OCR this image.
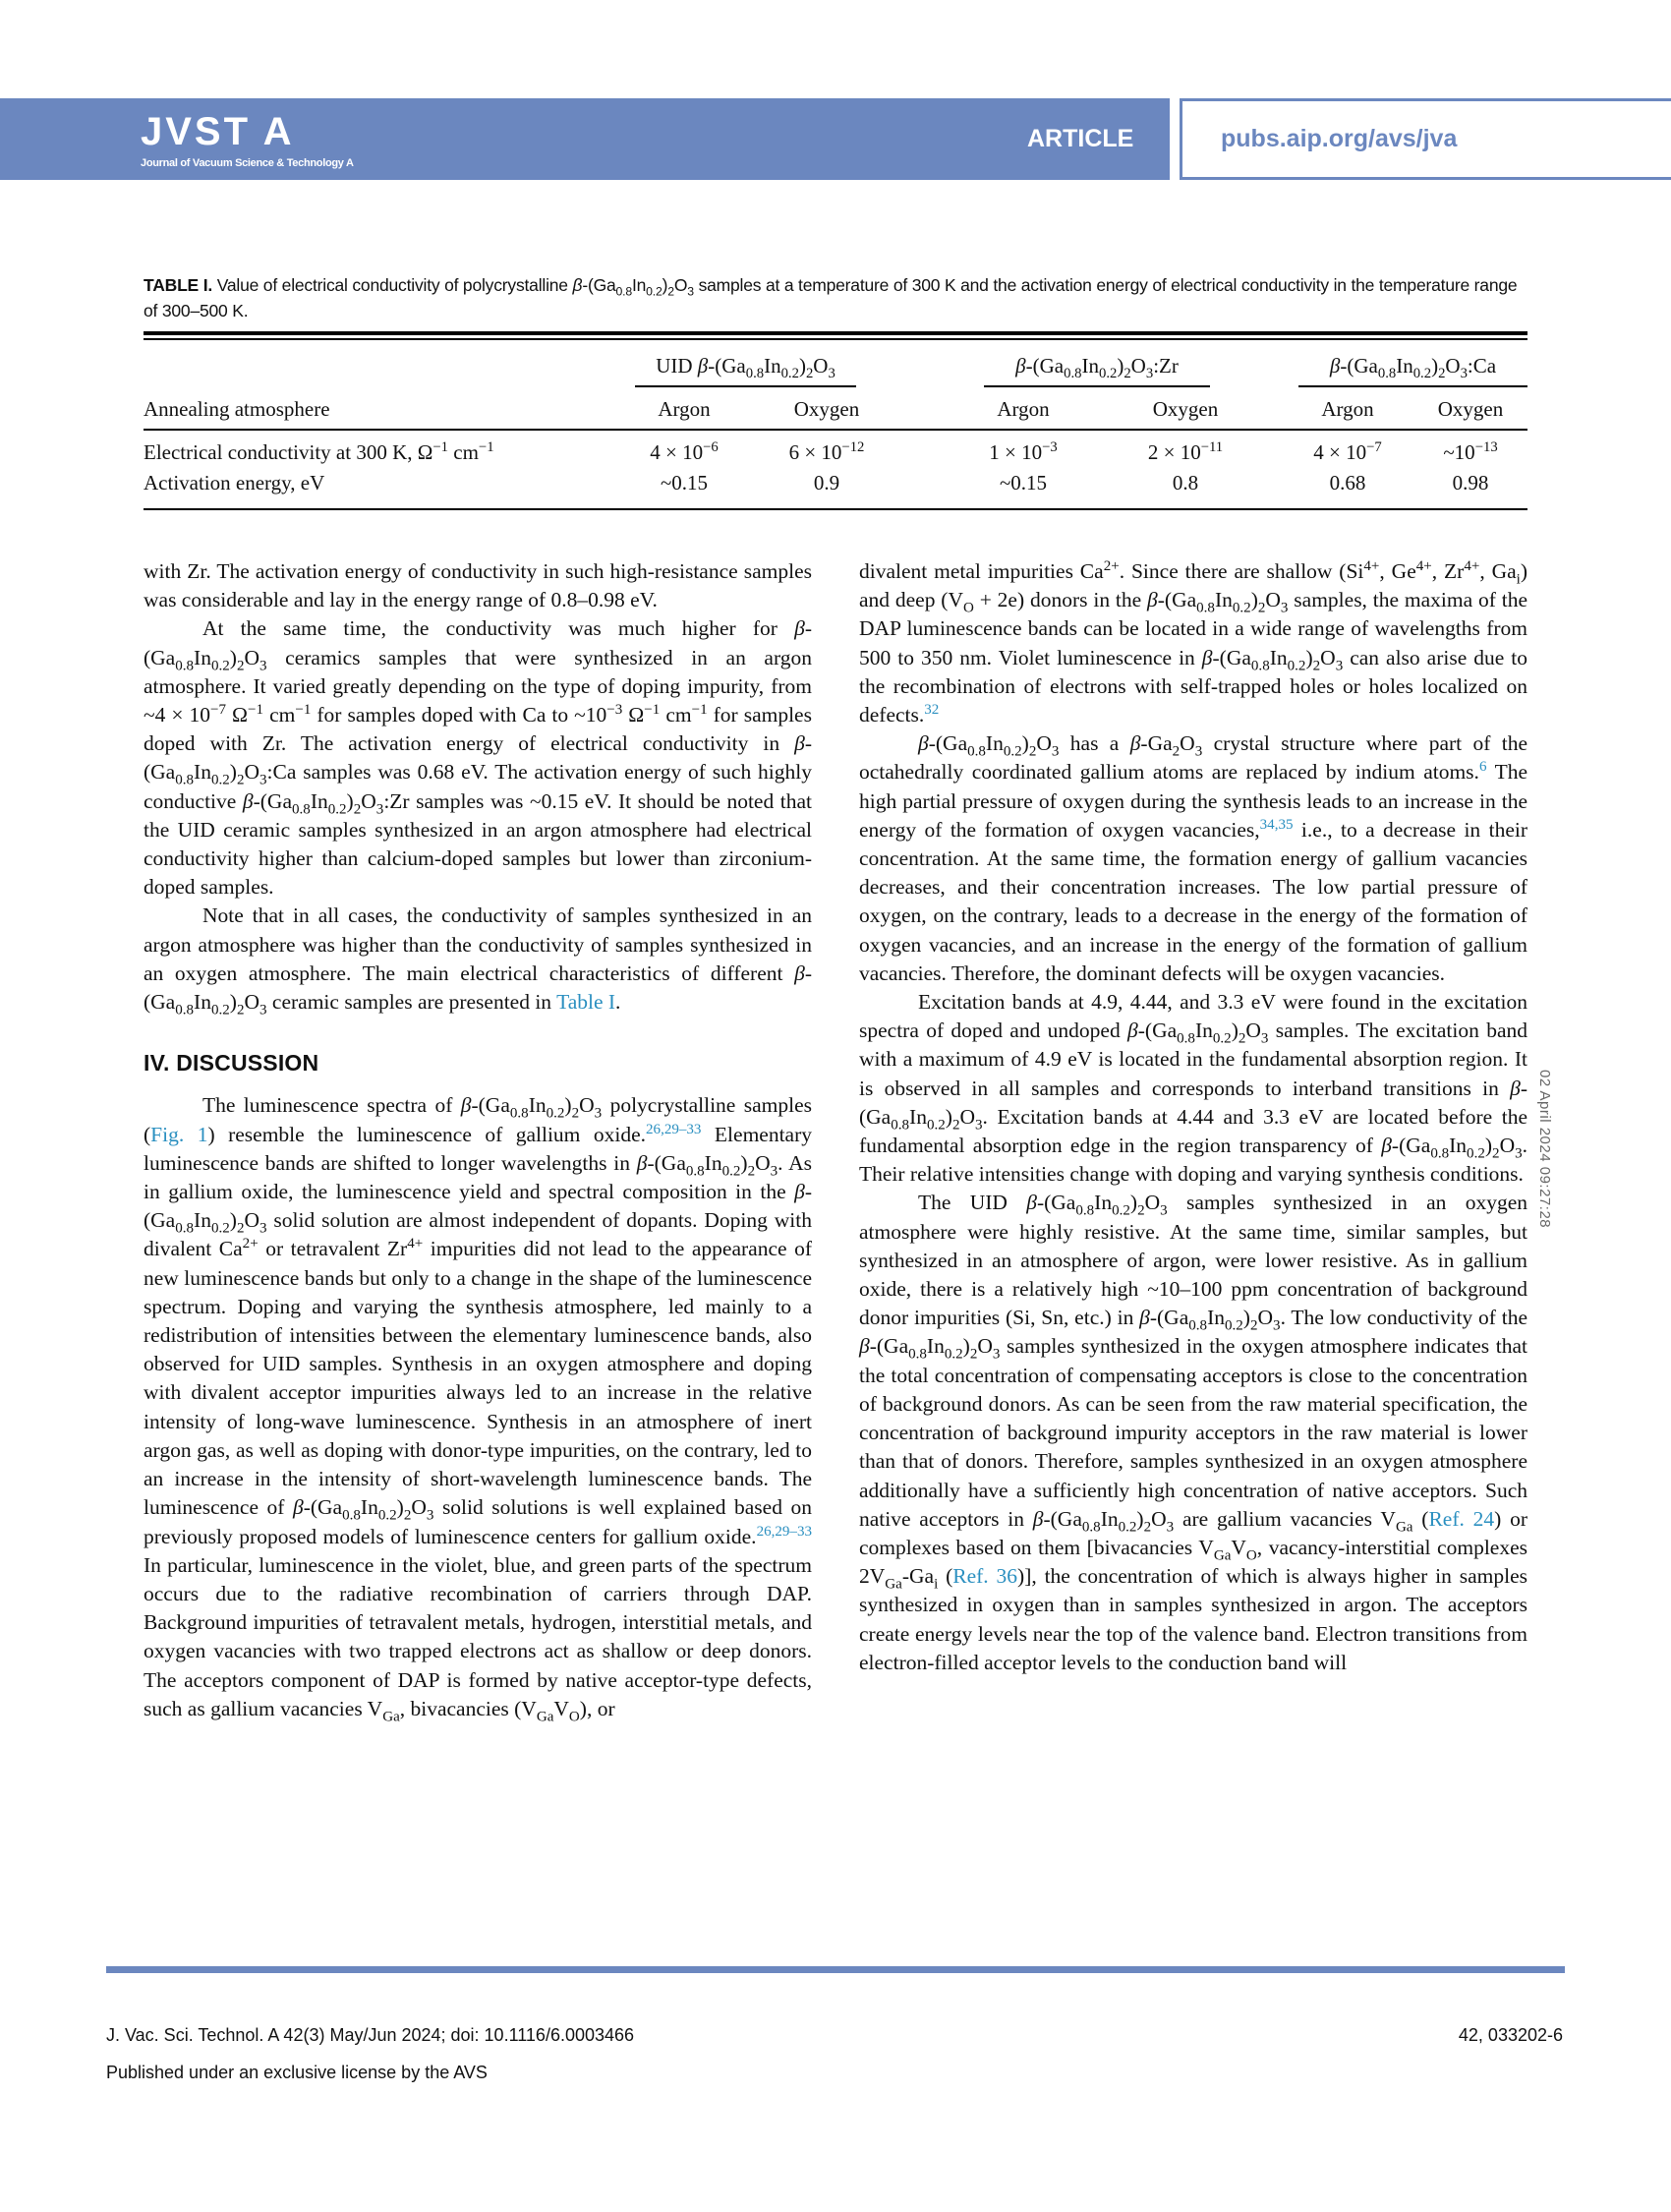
JVST A
Journal of Vacuum Science & Technology A
ARTICLE	pubs.aip.org/avs/jva
TABLE I. Value of electrical conductivity of polycrystalline $\beta-(Ga_{0.8}In_{0.2})_2O_3$ samples at a temperature of 300 K and the activation energy of electrical conductivity in the temperature range of 300–500 K.
UID $\beta-(Ga_{0.8}In_{0.2})_2O_3$	$\beta-(Ga_{0.8}In_{0.2})_2O_3:Zr$	$\beta-(Ga_{0.8}In_{0.2})_2O_3:Ca$
Annealing atmosphere	Argon	Oxygen	Argon	Oxygen	Argon	Oxygen
Electrical conductivity at 300 K, $\Omega^{-1}$ $cm^{-1}$	$4 \times 10^{-6}$	$6 \times 10^{-12}$	$1 \times 10^{-3}$	$2 \times 10^{-11}$	$4 \times 10^{-7}$	$\sim 10^{-13}$
Activation energy, eV	~0.15	0.9	~0.15	0.8	0.68	0.98

with Zr. The activation energy of conductivity in such high-resistance samples was considerable and lay in the energy range of 0.8–0.98 eV.

At the same time, the conductivity was much higher for $\beta-(Ga_{0.8}In_{0.2})_2O_3$ ceramics samples that were synthesized in an argon atmosphere. It varied greatly depending on the type of doping impurity, from ~4 × $10^{-7}$ $\Omega^{-1}$ $cm^{-1}$ for samples doped with Ca to $\sim 10^{-3}$ $\Omega^{-1}$ $cm^{-1}$ for samples doped with Zr. The activation energy of electrical conductivity in $\beta-(Ga_{0.8}In_{0.2})_2O_3:Ca$ samples was 0.68 eV. The activation energy of such highly conductive $\beta-(Ga_{0.8}In_{0.2})_2O_3:Zr$ samples was ~0.15 eV. It should be noted that the UID ceramic samples synthesized in an argon atmosphere had electrical conductivity higher than calcium-doped samples but lower than zirconium-doped samples.

Note that in all cases, the conductivity of samples synthesized in an argon atmosphere was higher than the conductivity of samples synthesized in an oxygen atmosphere. The main electrical characteristics of different $\beta-(Ga_{0.8}In_{0.2})_2O_3$ ceramic samples are presented in Table I.

IV. DISCUSSION

The luminescence spectra of $\beta-(Ga_{0.8}In_{0.2})_2O_3$ polycrystalline samples (Fig. 1) resemble the luminescence of gallium oxide.$^{26,29-33}$ Elementary luminescence bands are shifted to longer wavelengths in $\beta-(Ga_{0.8}In_{0.2})_2O_3$. As in gallium oxide, the luminescence yield and spectral composition in the $\beta-(Ga_{0.8}In_{0.2})_2O_3$ solid solution are almost independent of dopants. Doping with divalent $Ca^{2+}$ or tetravalent $Zr^{4+}$ impurities did not lead to the appearance of new luminescence bands but only to a change in the shape of the luminescence spectrum. Doping and varying the synthesis atmosphere, led mainly to a redistribution of intensities between the elementary luminescence bands, also observed for UID samples. Synthesis in an oxygen atmosphere and doping with divalent acceptor impurities always led to an increase in the relative intensity of long-wave luminescence. Synthesis in an atmosphere of inert argon gas, as well as doping with donor-type impurities, on the contrary, led to an increase in the intensity of short-wavelength luminescence bands. The luminescence of $\beta-(Ga_{0.8}In_{0.2})_2O_3$ solid solutions is well explained based on previously proposed models of luminescence centers for gallium oxide.$^{26,29-33}$ In particular, luminescence in the violet, blue, and green parts of the spectrum occurs due to the radiative recombination of carriers through DAP. Background impurities of tetravalent metals, hydrogen, interstitial metals, and oxygen vacancies with two trapped electrons act as shallow or deep donors. The acceptors component of DAP is formed by native acceptor-type defects, such as gallium vacancies $V_{Ga}$, bivacancies $(V_{Ga}V_O)$, or

divalent metal impurities $Ca^{2+}$. Since there are shallow ($Si^{4+}$, $Ge^{4+}$, $Zr^{4+}$, $Ga_i$) and deep $(V_O + 2e)$ donors in the $\beta-(Ga_{0.8}In_{0.2})_2O_3$ samples, the maxima of the DAP luminescence bands can be located in a wide range of wavelengths from 500 to 350 nm. Violet luminescence in $\beta-(Ga_{0.8}In_{0.2})_2O_3$ can also arise due to the recombination of electrons with self-trapped holes or holes localized on defects.$^{32}$

$\beta-(Ga_{0.8}In_{0.2})_2O_3$ has a $\beta-Ga_2O_3$ crystal structure where part of the octahedrally coordinated gallium atoms are replaced by indium atoms.$^6$ The high partial pressure of oxygen during the synthesis leads to an increase in the energy of the formation of oxygen vacancies,$^{34,35}$ i.e., to a decrease in their concentration. At the same time, the formation energy of gallium vacancies decreases, and their concentration increases. The low partial pressure of oxygen, on the contrary, leads to a decrease in the energy of the formation of oxygen vacancies, and an increase in the energy of the formation of gallium vacancies. Therefore, the dominant defects will be oxygen vacancies.

Excitation bands at 4.9, 4.44, and 3.3 eV were found in the excitation spectra of doped and undoped $\beta-(Ga_{0.8}In_{0.2})_2O_3$ samples. The excitation band with a maximum of 4.9 eV is located in the fundamental absorption region. It is observed in all samples and corresponds to interband transitions in $\beta-(Ga_{0.8}In_{0.2})_2O_3$. Excitation bands at 4.44 and 3.3 eV are located before the fundamental absorption edge in the region transparency of $\beta-(Ga_{0.8}In_{0.2})_2O_3$. Their relative intensities change with doping and varying synthesis conditions.

The UID $\beta-(Ga_{0.8}In_{0.2})_2O_3$ samples synthesized in an oxygen atmosphere were highly resistive. At the same time, similar samples, but synthesized in an atmosphere of argon, were lower resistive. As in gallium oxide, there is a relatively high ~10–100 ppm concentration of background donor impurities (Si, Sn, etc.) in $\beta-(Ga_{0.8}In_{0.2})_2O_3$. The low conductivity of the $\beta-(Ga_{0.8}In_{0.2})_2O_3$ samples synthesized in the oxygen atmosphere indicates that the total concentration of compensating acceptors is close to the concentration of background donors. As can be seen from the raw material specification, the concentration of background impurity acceptors in the raw material is lower than that of donors. Therefore, samples synthesized in an oxygen atmosphere additionally have a sufficiently high concentration of native acceptors. Such native acceptors in $\beta-(Ga_{0.8}In_{0.2})_2O_3$ are gallium vacancies $V_{Ga}$ (Ref. 24) or complexes based on them [bivacancies $V_{Ga}V_O$, vacancy-interstitial complexes $2V_{Ga}-Ga_i$ (Ref. 36)], the concentration of which is always higher in samples synthesized in oxygen than in samples synthesized in argon. The acceptors create energy levels near the top of the valence band. Electron transitions from electron-filled acceptor levels to the conduction band will

02 April 2024 09:27:28
J. Vac. Sci. Technol. A 42(3) May/Jun 2024; doi: 10.1116/6.0003466	42, 033202-6
Published under an exclusive license by the AVS
